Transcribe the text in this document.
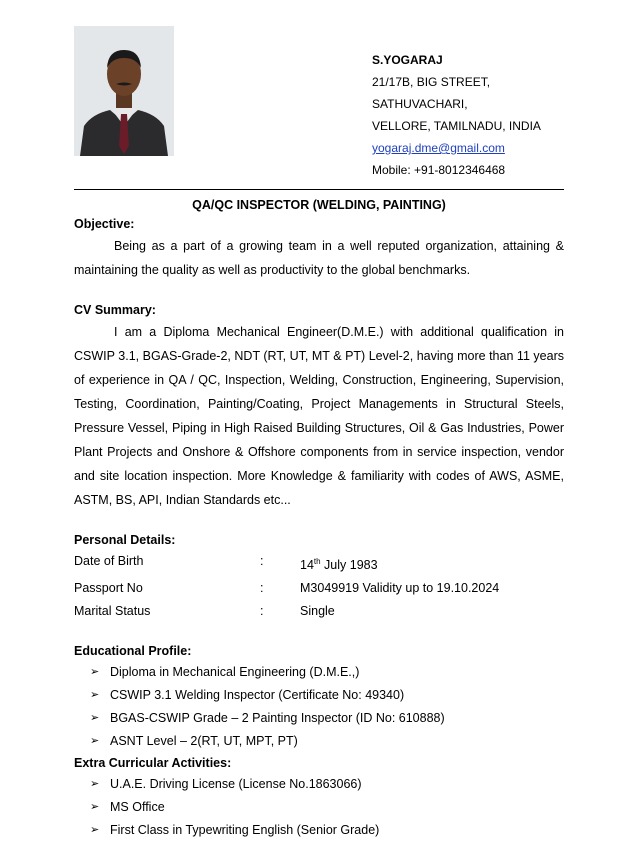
S.YOGARAJ
21/17B, BIG STREET,
SATHUVACHARI,
VELLORE, TAMILNADU, INDIA
yogaraj.dme@gmail.com
Mobile: +91-8012346468
QA/QC INSPECTOR (WELDING, PAINTING)
Objective:
Being as a part of a growing team in a well reputed organization, attaining & maintaining the quality as well as productivity to the global benchmarks.
CV Summary:
I am a Diploma Mechanical Engineer(D.M.E.) with additional qualification in CSWIP 3.1, BGAS-Grade-2, NDT (RT, UT, MT & PT) Level-2, having more than 11 years of experience in QA / QC, Inspection, Welding, Construction, Engineering, Supervision, Testing, Coordination, Painting/Coating, Project Managements in Structural Steels, Pressure Vessel, Piping in High Raised Building Structures, Oil & Gas Industries, Power Plant Projects and Onshore & Offshore components from in service inspection, vendor and site location inspection. More Knowledge & familiarity with codes of AWS, ASME, ASTM, BS, API, Indian Standards etc...
Personal Details:
Date of Birth	:	14th July 1983
Passport No	:	M3049919 Validity up to 19.10.2024
Marital Status	:	Single
Educational Profile:
➢ Diploma in Mechanical Engineering (D.M.E.,)
➢ CSWIP 3.1 Welding Inspector (Certificate No: 49340)
➢ BGAS-CSWIP Grade – 2 Painting Inspector (ID No: 610888)
➢ ASNT Level – 2(RT, UT, MPT, PT)
Extra Curricular Activities:
➢ U.A.E. Driving License (License No.1863066)
➢ MS Office
➢ First Class in Typewriting English (Senior Grade)
